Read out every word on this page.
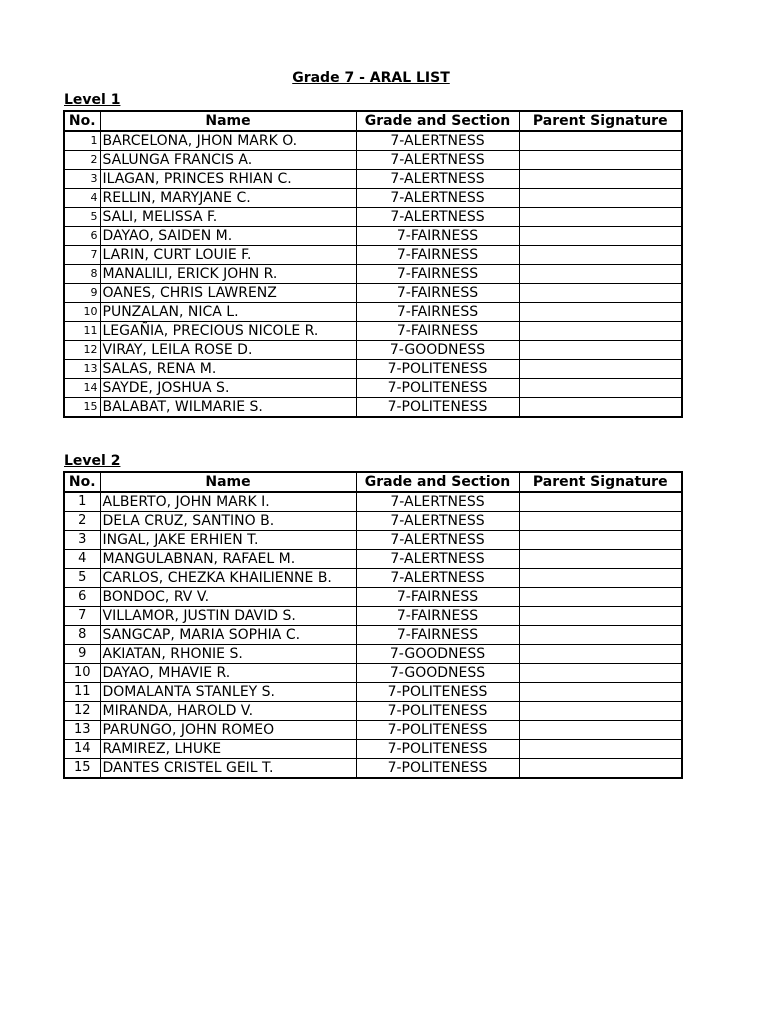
Grade 7 - ARAL LIST
Level 1
No.	Name	Grade and Section	Parent Signature
1	BARCELONA, JHON MARK O.	7-ALERTNESS	
2	SALUNGA FRANCIS A.	7-ALERTNESS	
3	ILAGAN, PRINCES RHIAN C.	7-ALERTNESS	
4	RELLIN, MARYJANE C.	7-ALERTNESS	
5	SALI, MELISSA F.	7-ALERTNESS	
6	DAYAO, SAIDEN M.	7-FAIRNESS	
7	LARIN, CURT LOUIE F.	7-FAIRNESS	
8	MANALILI, ERICK JOHN R.	7-FAIRNESS	
9	OANES, CHRIS LAWRENZ	7-FAIRNESS	
10	PUNZALAN, NICA L.	7-FAIRNESS	
11	LEGAÑIA, PRECIOUS NICOLE R.	7-FAIRNESS	
12	VIRAY, LEILA ROSE D.	7-GOODNESS	
13	SALAS, RENA M.	7-POLITENESS	
14	SAYDE, JOSHUA S.	7-POLITENESS	
15	BALABAT, WILMARIE S.	7-POLITENESS	
Level 2
No.	Name	Grade and Section	Parent Signature
1	ALBERTO, JOHN MARK I.	7-ALERTNESS	
2	DELA CRUZ, SANTINO B.	7-ALERTNESS	
3	INGAL, JAKE ERHIEN T.	7-ALERTNESS	
4	MANGULABNAN, RAFAEL M.	7-ALERTNESS	
5	CARLOS, CHEZKA KHAILIENNE B.	7-ALERTNESS	
6	BONDOC, RV V.	7-FAIRNESS	
7	VILLAMOR, JUSTIN DAVID S.	7-FAIRNESS	
8	SANGCAP, MARIA SOPHIA C.	7-FAIRNESS	
9	AKIATAN, RHONIE S.	7-GOODNESS	
10	DAYAO, MHAVIE R.	7-GOODNESS	
11	DOMALANTA STANLEY S.	7-POLITENESS	
12	MIRANDA, HAROLD V.	7-POLITENESS	
13	PARUNGO, JOHN ROMEO	7-POLITENESS	
14	RAMIREZ, LHUKE	7-POLITENESS	
15	DANTES CRISTEL GEIL T.	7-POLITENESS	
